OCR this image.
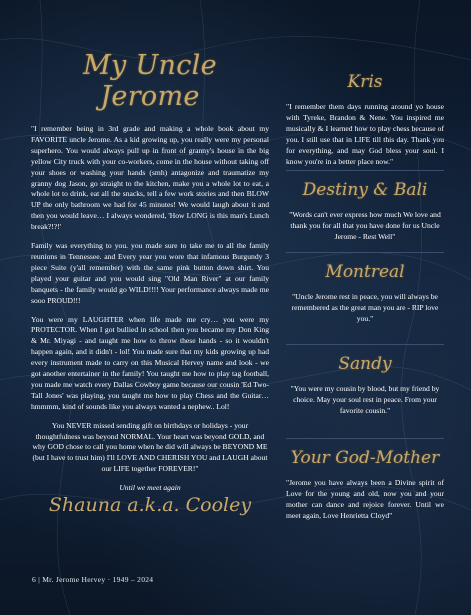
My Uncle Jerome

"I remember being in 3rd grade and making a whole book about my FAVORITE uncle Jerome. As a kid growing up, you really were my personal superhero. You would always pull up in front of granny's house in the big yellow City truck with your co-workers, come in the house without taking off your shoes or washing your hands (smh) antagonize and traumatize my granny dog Jason, go straight to the kitchen, make you a whole lot to eat, a whole lot to drink, eat all the snacks, tell a few work stories and then BLOW UP the only bathroom we had for 45 minutes! We would laugh about it and then you would leave… I always wondered, 'How LONG is this man's Lunch break?!?!'

Family was everything to you. you made sure to take me to all the family reunions in Tennessee. and Every year you wore that infamous Burgundy 3 piece Suite (y'all remember) with the same pink button down shirt. You played your guitar and you would sing "Old Man River" at our family banquets - the family would go WILD!!!! Your performance always made me sooo PROUD!!!

You were my LAUGHTER when life made me cry… you were my PROTECTOR. When I got bullied in school then you became my Don King & Mr. Miyagi - and taught me how to throw these hands - so it wouldn't happen again, and it didn't - lol! You made sure that my kids growing up had every instrument made to carry on this Musical Hervey name and look - we got another entertainer in the family! You taught me how to play tag football, you made me watch every Dallas Cowboy game because our cousin 'Ed Two-Tall Jones' was playing, you taught me how to play Chess and the Guitar… hmmmm, kind of sounds like you always wanted a nephew.. Lol!

You NEVER missed sending gift on birthdays or holidays - your thoughtfulness was beyond NORMAL. Your heart was beyond GOLD, and why GOD chose to call you home when he did will always be BEYOND ME (but I have to trust him) I'll LOVE AND CHERISH YOU and LAUGH about our LIFE together FOREVER!"

Until we meet again

Shauna a.k.a. Cooley

Kris

"I remember them days running around yo house with Tyreke, Brandon & Nene. You inspired me musically & I learned how to play chess because of you. I still use that in LIFE till this day. Thank you for everything, and may God bless your soul. I know you're in a better place now."

Destiny & Bali

"Words can't ever express how much We love and thank you for all that you have done for us Uncle Jerome - Rest Well"

Montreal

"Uncle Jerome rest in peace, you will always be remembered as the great man you are - RIP love you."

Sandy

"You were my cousin by blood, but my friend by choice. May your soul rest in peace. From your favorite cousin."

Your God-Mother

"Jerome you have always been a Divine spirit of Love for the young and old, now you and your mother can dance and rejoice forever. Until we meet again, Love Henrietta Cloyd"

6 | Mr. Jerome Hervey · 1949 – 2024
